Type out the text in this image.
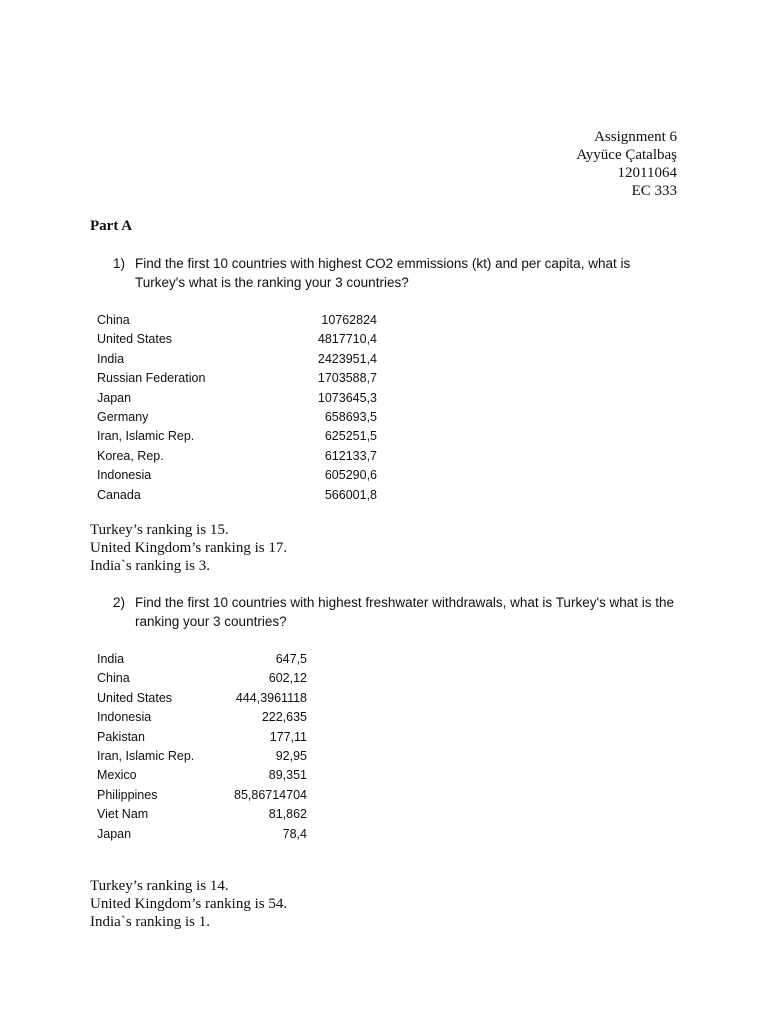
Assignment 6
Ayyüce Çatalbaş
12011064
EC 333
Part A
1) Find the first 10 countries with highest CO2 emmissions (kt) and per capita, what is Turkey's what is the ranking your 3 countries?
China	10762824
United States	4817710,4
India	2423951,4
Russian Federation	1703588,7
Japan	1073645,3
Germany	658693,5
Iran, Islamic Rep.	625251,5
Korea, Rep.	612133,7
Indonesia	605290,6
Canada	566001,8
Turkey’s ranking is 15.
United Kingdom’s ranking is 17.
India`s ranking is 3.
2) Find the first 10 countries with highest freshwater withdrawals, what is Turkey's what is the ranking your 3 countries?
India	647,5
China	602,12
United States	444,3961118
Indonesia	222,635
Pakistan	177,11
Iran, Islamic Rep.	92,95
Mexico	89,351
Philippines	85,86714704
Viet Nam	81,862
Japan	78,4
Turkey’s ranking is 14.
United Kingdom’s ranking is 54.
India`s ranking is 1.
